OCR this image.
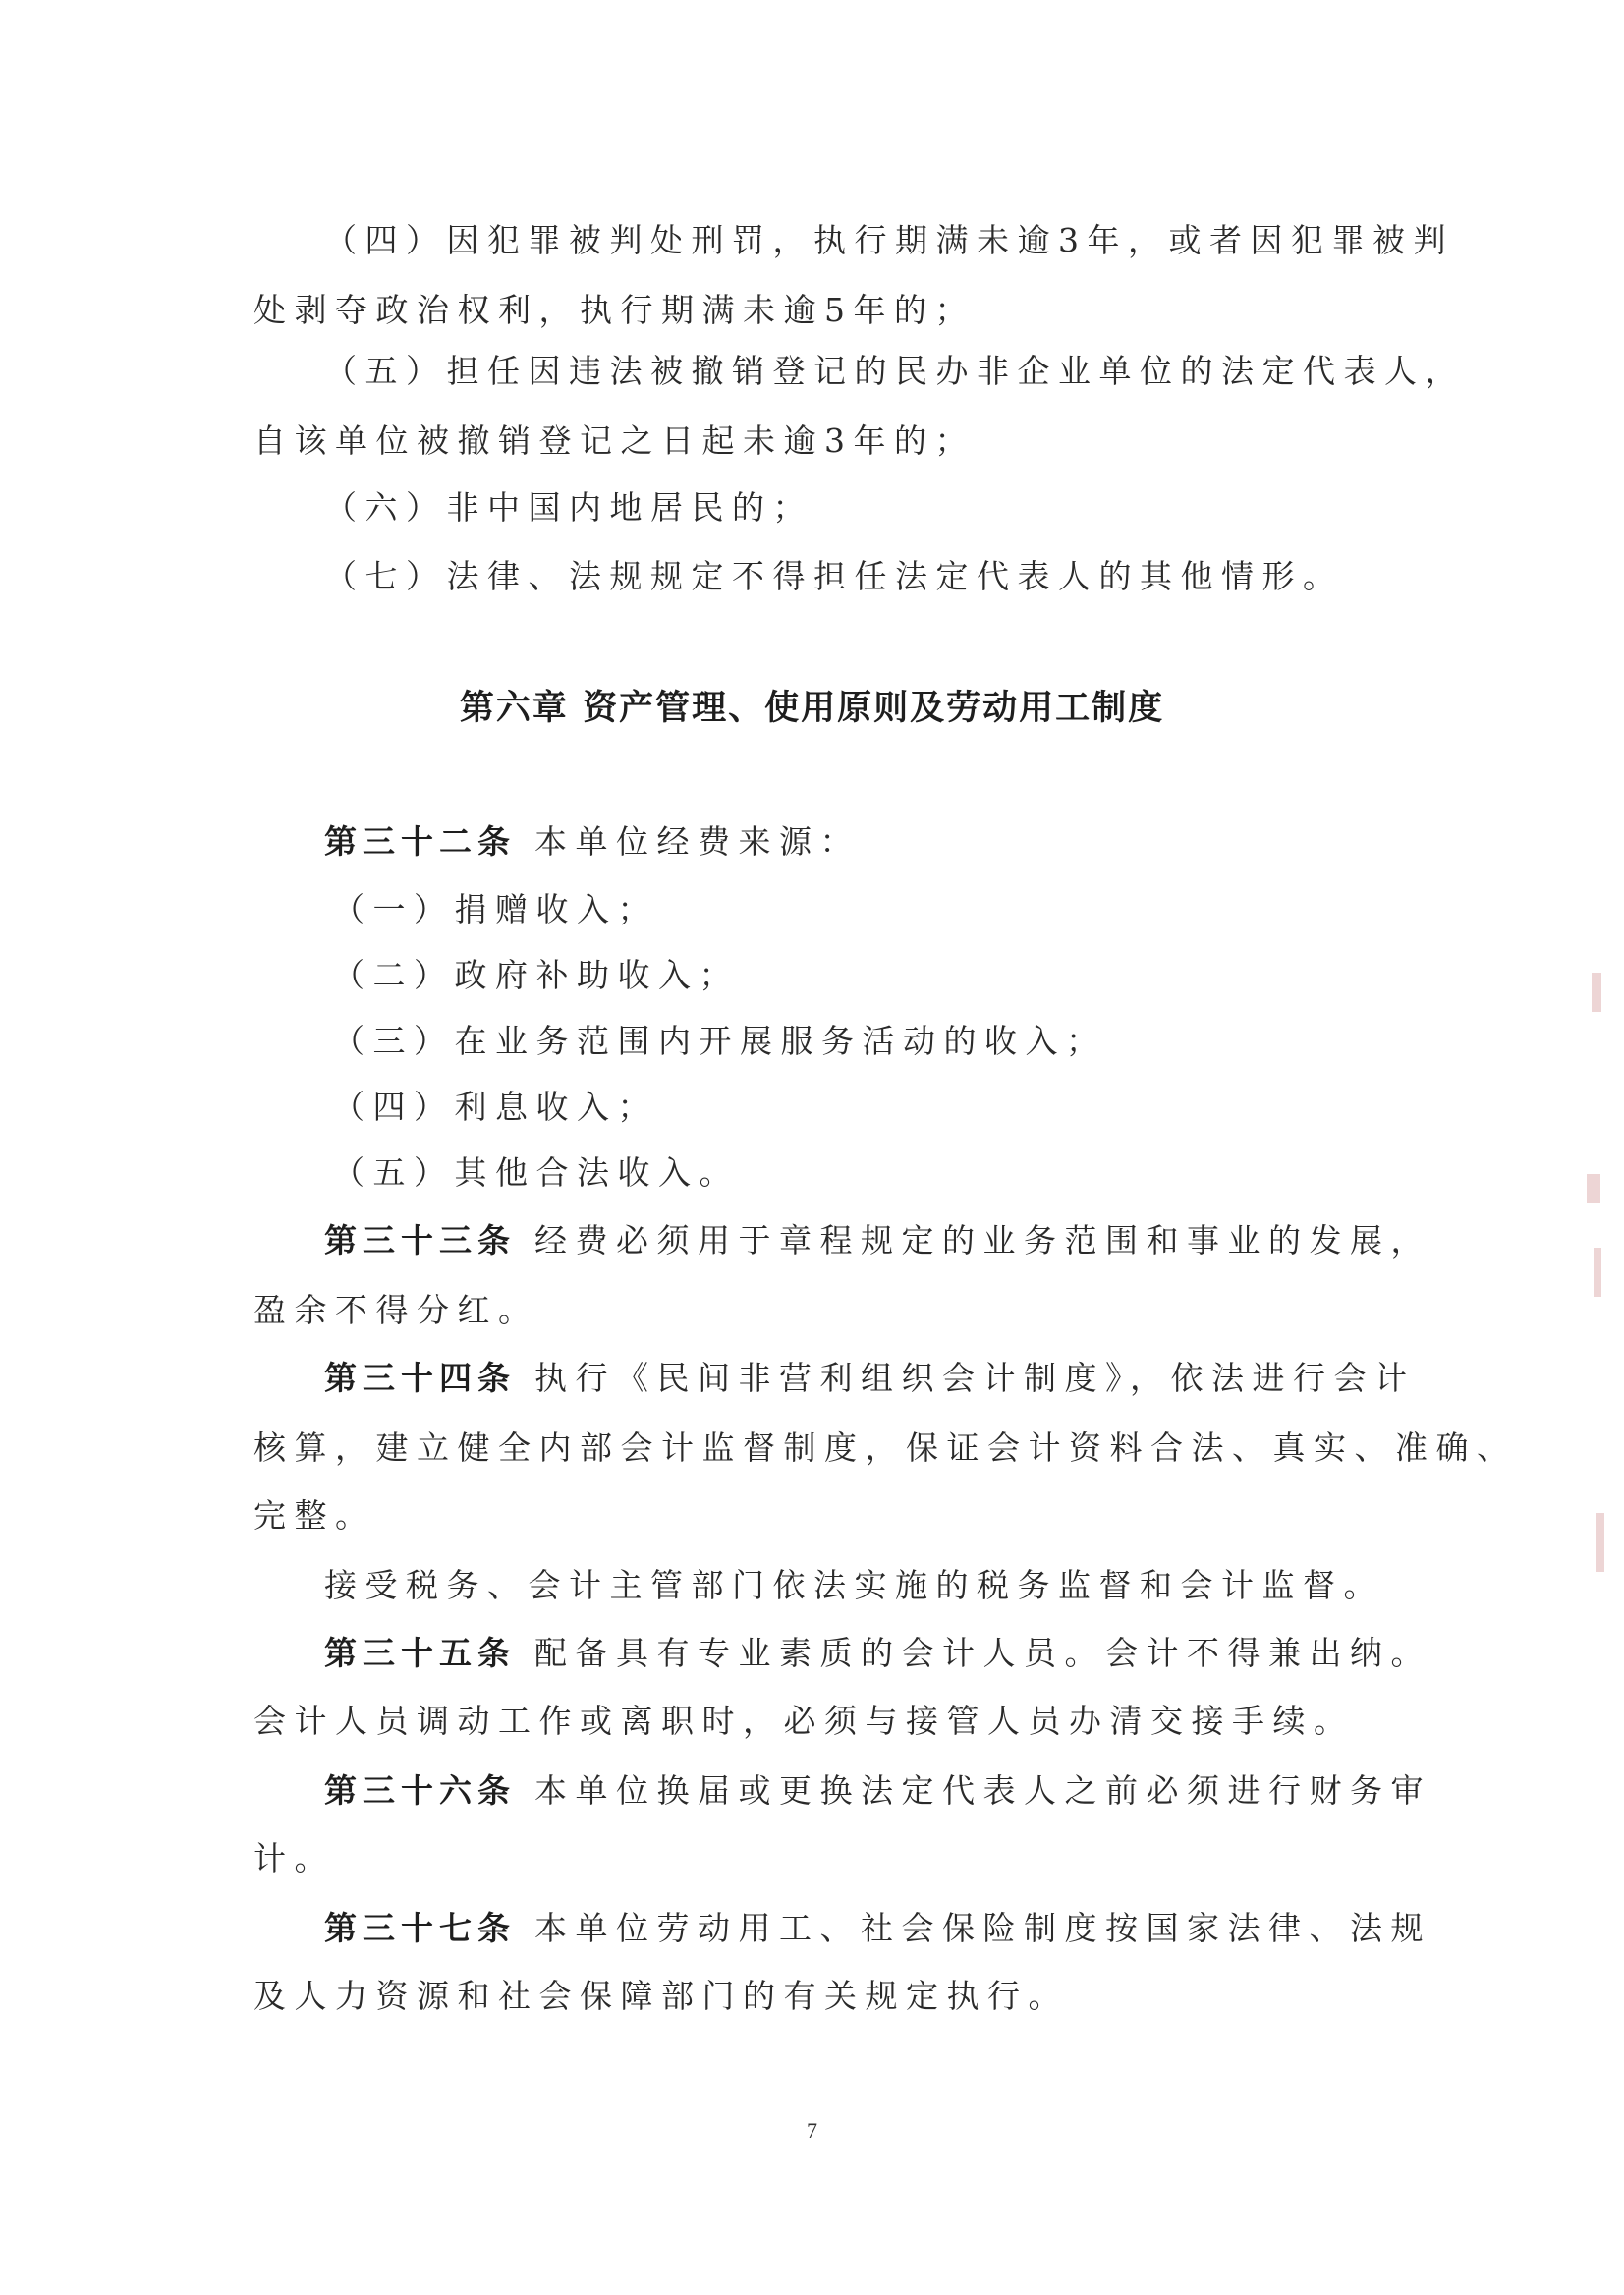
（四）因犯罪被判处刑罚，执行期满未逾3年，或者因犯罪被判
处剥夺政治权利，执行期满未逾5年的；
（五）担任因违法被撤销登记的民办非企业单位的法定代表人，
自该单位被撤销登记之日起未逾3年的；
（六）非中国内地居民的；
（七）法律、法规规定不得担任法定代表人的其他情形。
第六章 资产管理、使用原则及劳动用工制度
第三十二条 本单位经费来源：
（一）捐赠收入；
（二）政府补助收入；
（三）在业务范围内开展服务活动的收入；
（四）利息收入；
（五）其他合法收入。
第三十三条 经费必须用于章程规定的业务范围和事业的发展，
盈余不得分红。
第三十四条 执行《民间非营利组织会计制度》，依法进行会计
核算，建立健全内部会计监督制度，保证会计资料合法、真实、准确、
完整。
接受税务、会计主管部门依法实施的税务监督和会计监督。
第三十五条 配备具有专业素质的会计人员。会计不得兼出纳。
会计人员调动工作或离职时，必须与接管人员办清交接手续。
第三十六条 本单位换届或更换法定代表人之前必须进行财务审
计。
第三十七条 本单位劳动用工、社会保险制度按国家法律、法规
及人力资源和社会保障部门的有关规定执行。
7
